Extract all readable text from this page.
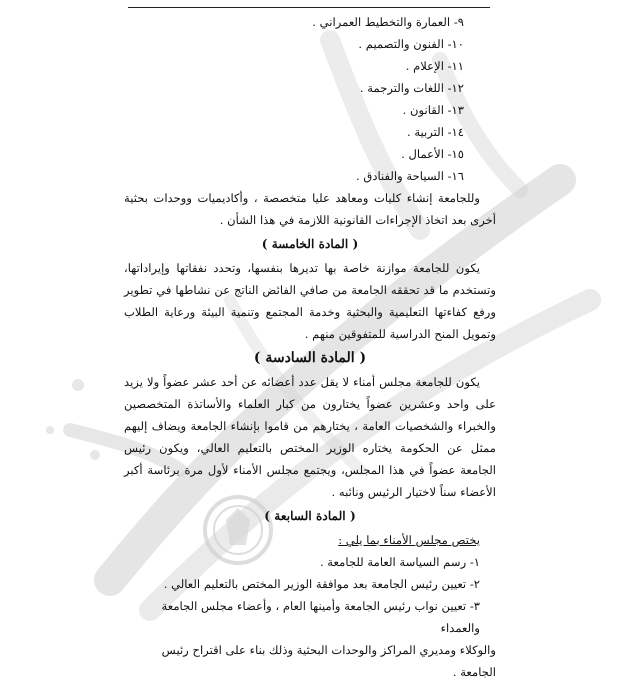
٩- العمارة والتخطيط العمراني .
١٠- الفنون والتصميم .
١١- الإعلام .
١٢- اللغات والترجمة .
١٣- القانون .
١٤- التربية .
١٥- الأعمال .
١٦- السياحة والفنادق .
وللجامعة إنشاء كليات ومعاهد عليا متخصصة ، وأكاديميات ووحدات بحثية
أخرى بعد اتخاذ الإجراءات القانونية اللازمة في هذا الشأن .
( المادة الخامسة )

يكون للجامعة موازنة خاصة بها تديرها بنفسها، وتحدد نفقاتها وإيراداتها، وتستخدم ما قد تحققه الجامعة من صافي الفائض الناتج عن نشاطها في تطوير ورفع كفاءتها التعليمية والبحثية وخدمة المجتمع وتنمية البيئة ورعاية الطلاب وتمويل المنح الدراسية للمتفوقين منهم .

( المادة السادسة )

يكون للجامعة مجلس أمناء لا يقل عدد أعضائه عن أحد عشر عضواً ولا يزيد على واحد وعشرين عضواً يختارون من كبار العلماء والأساتذة المتخصصين والخبراء والشخصيات العامة ، يختارهم من قاموا بإنشاء الجامعة ويضاف إليهم ممثل عن الحكومة يختاره الوزير المختص بالتعليم العالي، ويكون رئيس الجامعة عضواً في هذا المجلس، ويجتمع مجلس الأمناء لأول مرة برئاسة أكبر الأعضاء سناً لاختيار الرئيس ونائبه .

( المادة السابعة )
يختص مجلس الأمناء بما يلي :
١- رسم السياسة العامة للجامعة .
٢- تعيين رئيس الجامعة بعد موافقة الوزير المختص بالتعليم العالي .
٣- تعيين نواب رئيس الجامعة وأمينها العام ، وأعضاء مجلس الجامعة والعمداء
والوكلاء ومديري المراكز والوحدات البحثية وذلك بناء على اقتراح رئيس الجامعة .
